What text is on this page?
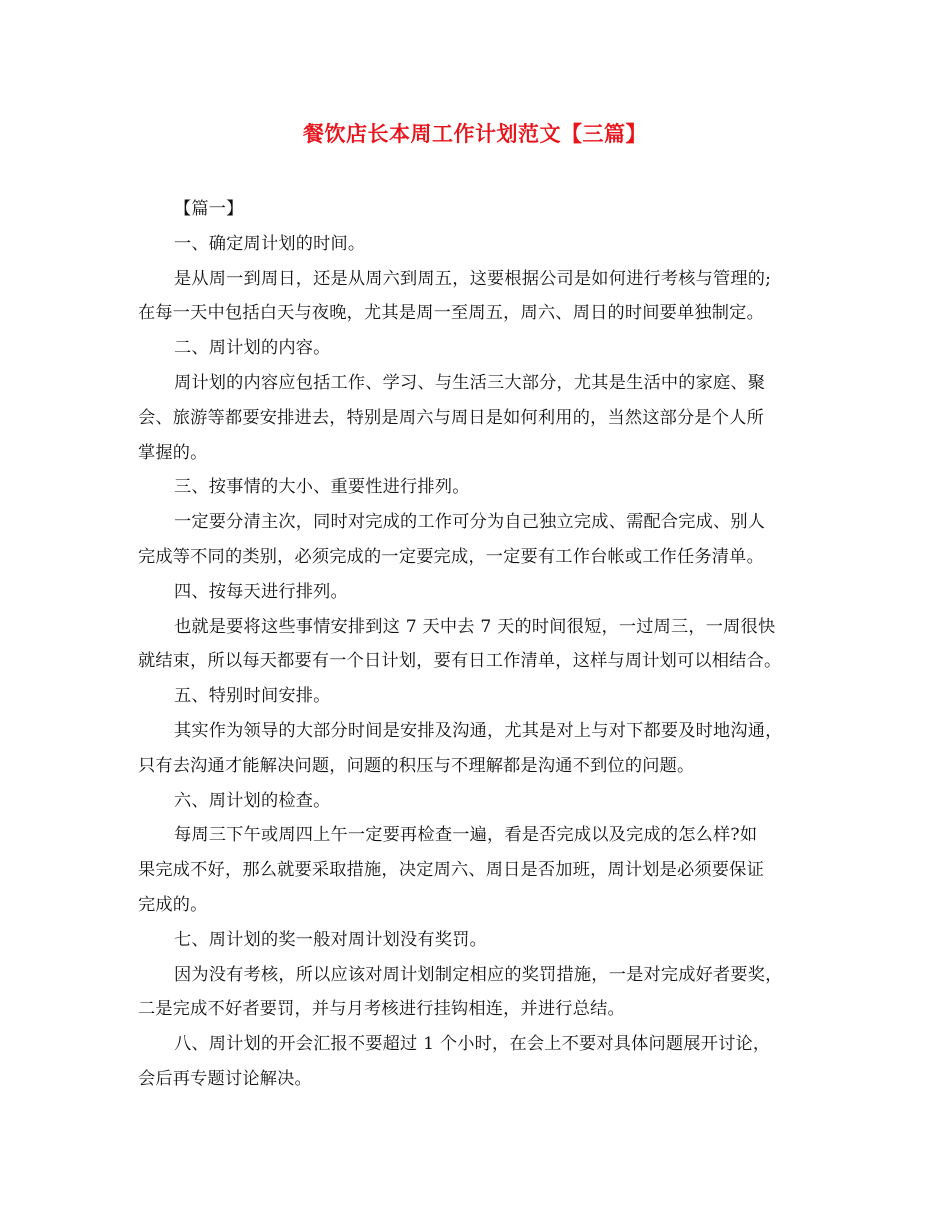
餐饮店长本周工作计划范文【三篇】
【篇一】
一、确定周计划的时间。
是从周一到周日，还是从周六到周五，这要根据公司是如何进行考核与管理的;
在每一天中包括白天与夜晚，尤其是周一至周五，周六、周日的时间要单独制定。
二、周计划的内容。
周计划的内容应包括工作、学习、与生活三大部分，尤其是生活中的家庭、聚
会、旅游等都要安排进去，特别是周六与周日是如何利用的，当然这部分是个人所
掌握的。
三、按事情的大小、重要性进行排列。
一定要分清主次，同时对完成的工作可分为自己独立完成、需配合完成、别人
完成等不同的类别，必须完成的一定要完成，一定要有工作台帐或工作任务清单。
四、按每天进行排列。
也就是要将这些事情安排到这 7 天中去 7 天的时间很短，一过周三，一周很快
就结束，所以每天都要有一个日计划，要有日工作清单，这样与周计划可以相结合。
五、特别时间安排。
其实作为领导的大部分时间是安排及沟通，尤其是对上与对下都要及时地沟通，
只有去沟通才能解决问题，问题的积压与不理解都是沟通不到位的问题。
六、周计划的检查。
每周三下午或周四上午一定要再检查一遍，看是否完成以及完成的怎么样?如
果完成不好，那么就要采取措施，决定周六、周日是否加班，周计划是必须要保证
完成的。
七、周计划的奖一般对周计划没有奖罚。
因为没有考核，所以应该对周计划制定相应的奖罚措施，一是对完成好者要奖，
二是完成不好者要罚，并与月考核进行挂钩相连，并进行总结。
八、周计划的开会汇报不要超过 1 个小时，在会上不要对具体问题展开讨论，
会后再专题讨论解决。
